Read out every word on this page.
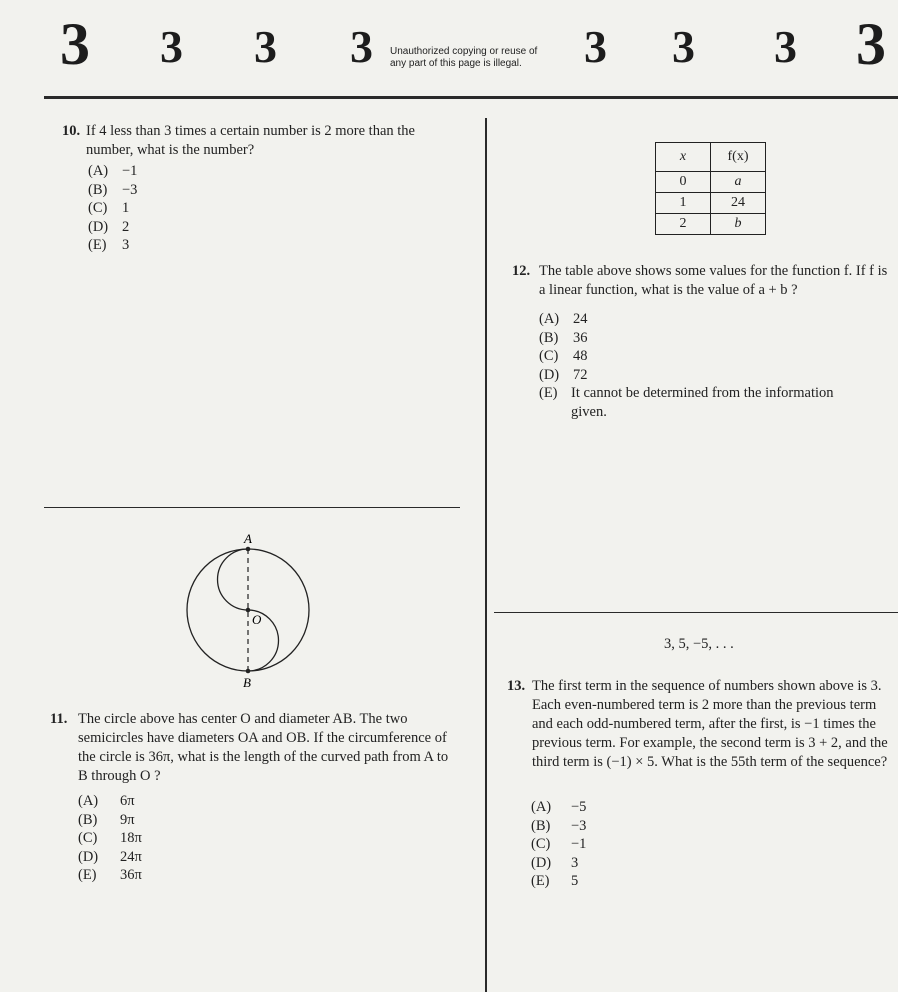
3 3 3 3 Unauthorized copying or reuse of
any part of this page is illegal.	3 3 3 3
10. If 4 less than 3 times a certain number is 2 more than the number, what is the number?
(A) −1
(B) −3
(C) 1
(D) 2
(E) 3
A
O
B
11. The circle above has center O and diameter AB. The two semicircles have diameters OA and OB. If the circumference of the circle is 36π, what is the length of the curved path from A to B through O ?
(A) 6π
(B) 9π
(C) 18π
(D) 24π
(E) 36π
x	f(x)
0	a
1	24
2	b
12. The table above shows some values for the function f. If f is a linear function, what is the value of a + b ?
(A) 24
(B) 36
(C) 48
(D) 72
(E) It cannot be determined from the information given.
3, 5, −5, . . .
13. The first term in the sequence of numbers shown above is 3. Each even-numbered term is 2 more than the previous term and each odd-numbered term, after the first, is −1 times the previous term. For example, the second term is 3 + 2, and the third term is (−1) × 5. What is the 55th term of the sequence?
(A) −5
(B) −3
(C) −1
(D) 3
(E) 5
